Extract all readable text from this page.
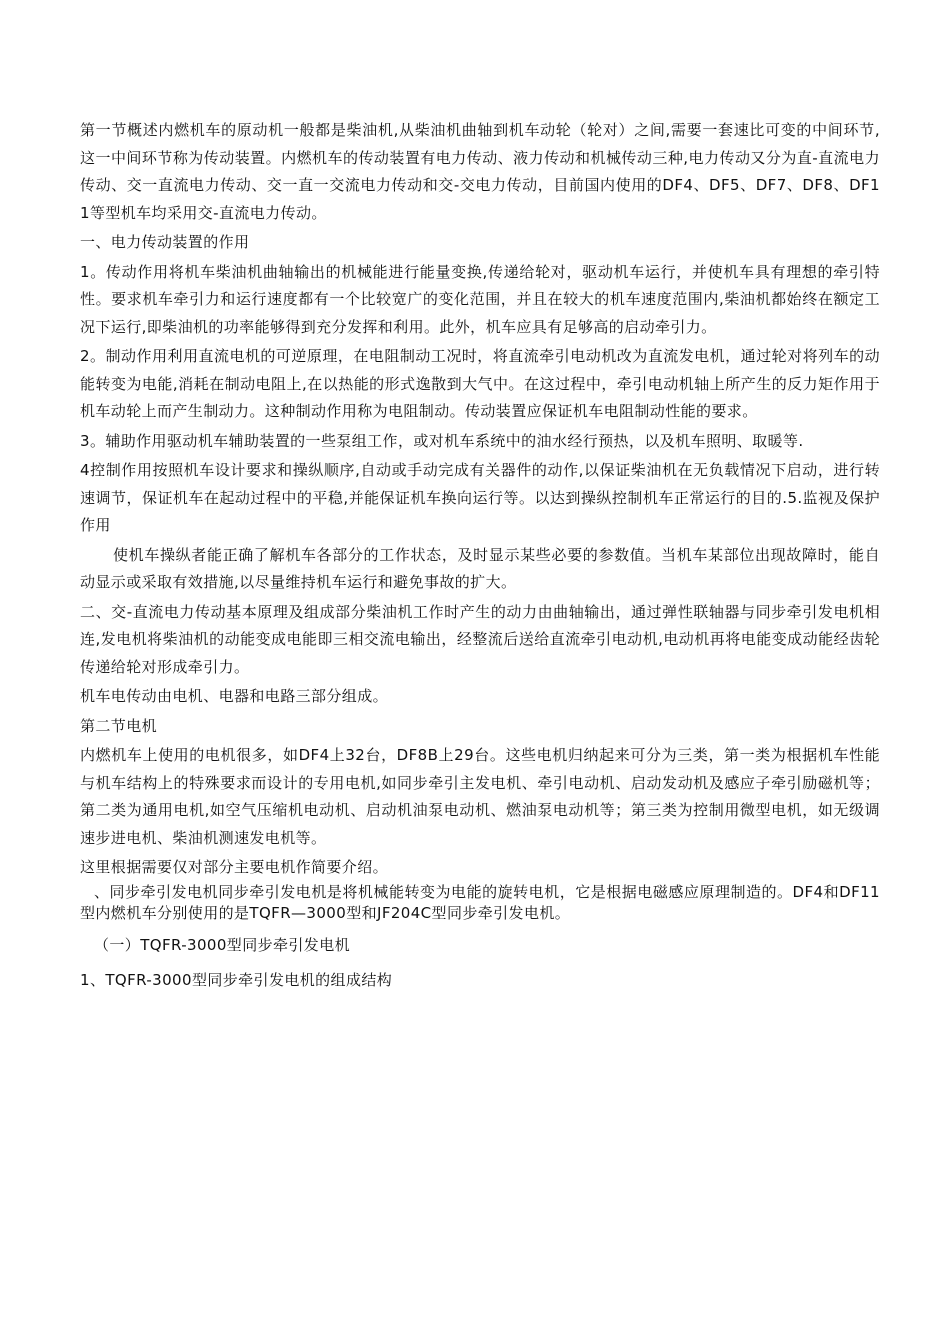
第一节概述内燃机车的原动机一般都是柴油机,从柴油机曲轴到机车动轮（轮对）之间,需要一套速比可变的中间环节,这一中间环节称为传动装置。内燃机车的传动装置有电力传动、液力传动和机械传动三种,电力传动又分为直-直流电力传动、交一直流电力传动、交一直一交流电力传动和交-交电力传动，目前国内使用的DF4、DF5、DF7、DF8、DF11等型机车均采用交-直流电力传动。

一、电力传动装置的作用

1。传动作用将机车柴油机曲轴输出的机械能进行能量变换,传递给轮对，驱动机车运行，并使机车具有理想的牵引特性。要求机车牵引力和运行速度都有一个比较宽广的变化范围，并且在较大的机车速度范围内,柴油机都始终在额定工况下运行,即柴油机的功率能够得到充分发挥和利用。此外，机车应具有足够高的启动牵引力。

2。制动作用利用直流电机的可逆原理，在电阻制动工况时，将直流牵引电动机改为直流发电机，通过轮对将列车的动能转变为电能,消耗在制动电阻上,在以热能的形式逸散到大气中。在这过程中，牵引电动机轴上所产生的反力矩作用于机车动轮上而产生制动力。这种制动作用称为电阻制动。传动装置应保证机车电阻制动性能的要求。

3。辅助作用驱动机车辅助装置的一些泵组工作，或对机车系统中的油水经行预热，以及机车照明、取暖等.

4控制作用按照机车设计要求和操纵顺序,自动或手动完成有关器件的动作,以保证柴油机在无负载情况下启动，进行转速调节，保证机车在起动过程中的平稳,并能保证机车换向运行等。以达到操纵控制机车正常运行的目的.5.监视及保护作用

使机车操纵者能正确了解机车各部分的工作状态，及时显示某些必要的参数值。当机车某部位出现故障时，能自动显示或采取有效措施,以尽量维持机车运行和避免事故的扩大。

二、交-直流电力传动基本原理及组成部分柴油机工作时产生的动力由曲轴输出，通过弹性联轴器与同步牵引发电机相连,发电机将柴油机的动能变成电能即三相交流电输出，经整流后送给直流牵引电动机,电动机再将电能变成动能经齿轮传递给轮对形成牵引力。

机车电传动由电机、电器和电路三部分组成。

第二节电机

内燃机车上使用的电机很多，如DF4上32台，DF8B上29台。这些电机归纳起来可分为三类，第一类为根据机车性能与机车结构上的特殊要求而设计的专用电机,如同步牵引主发电机、牵引电动机、启动发动机及感应子牵引励磁机等；第二类为通用电机,如空气压缩机电动机、启动机油泵电动机、燃油泵电动机等；第三类为控制用微型电机，如无级调速步进电机、柴油机测速发电机等。

这里根据需要仅对部分主要电机作简要介绍。

、同步牵引发电机同步牵引发电机是将机械能转变为电能的旋转电机，它是根据电磁感应原理制造的。DF4和DF11型内燃机车分别使用的是TQFR—3000型和JF204C型同步牵引发电机。

（一）TQFR-3000型同步牵引发电机

1、TQFR-3000型同步牵引发电机的组成结构
